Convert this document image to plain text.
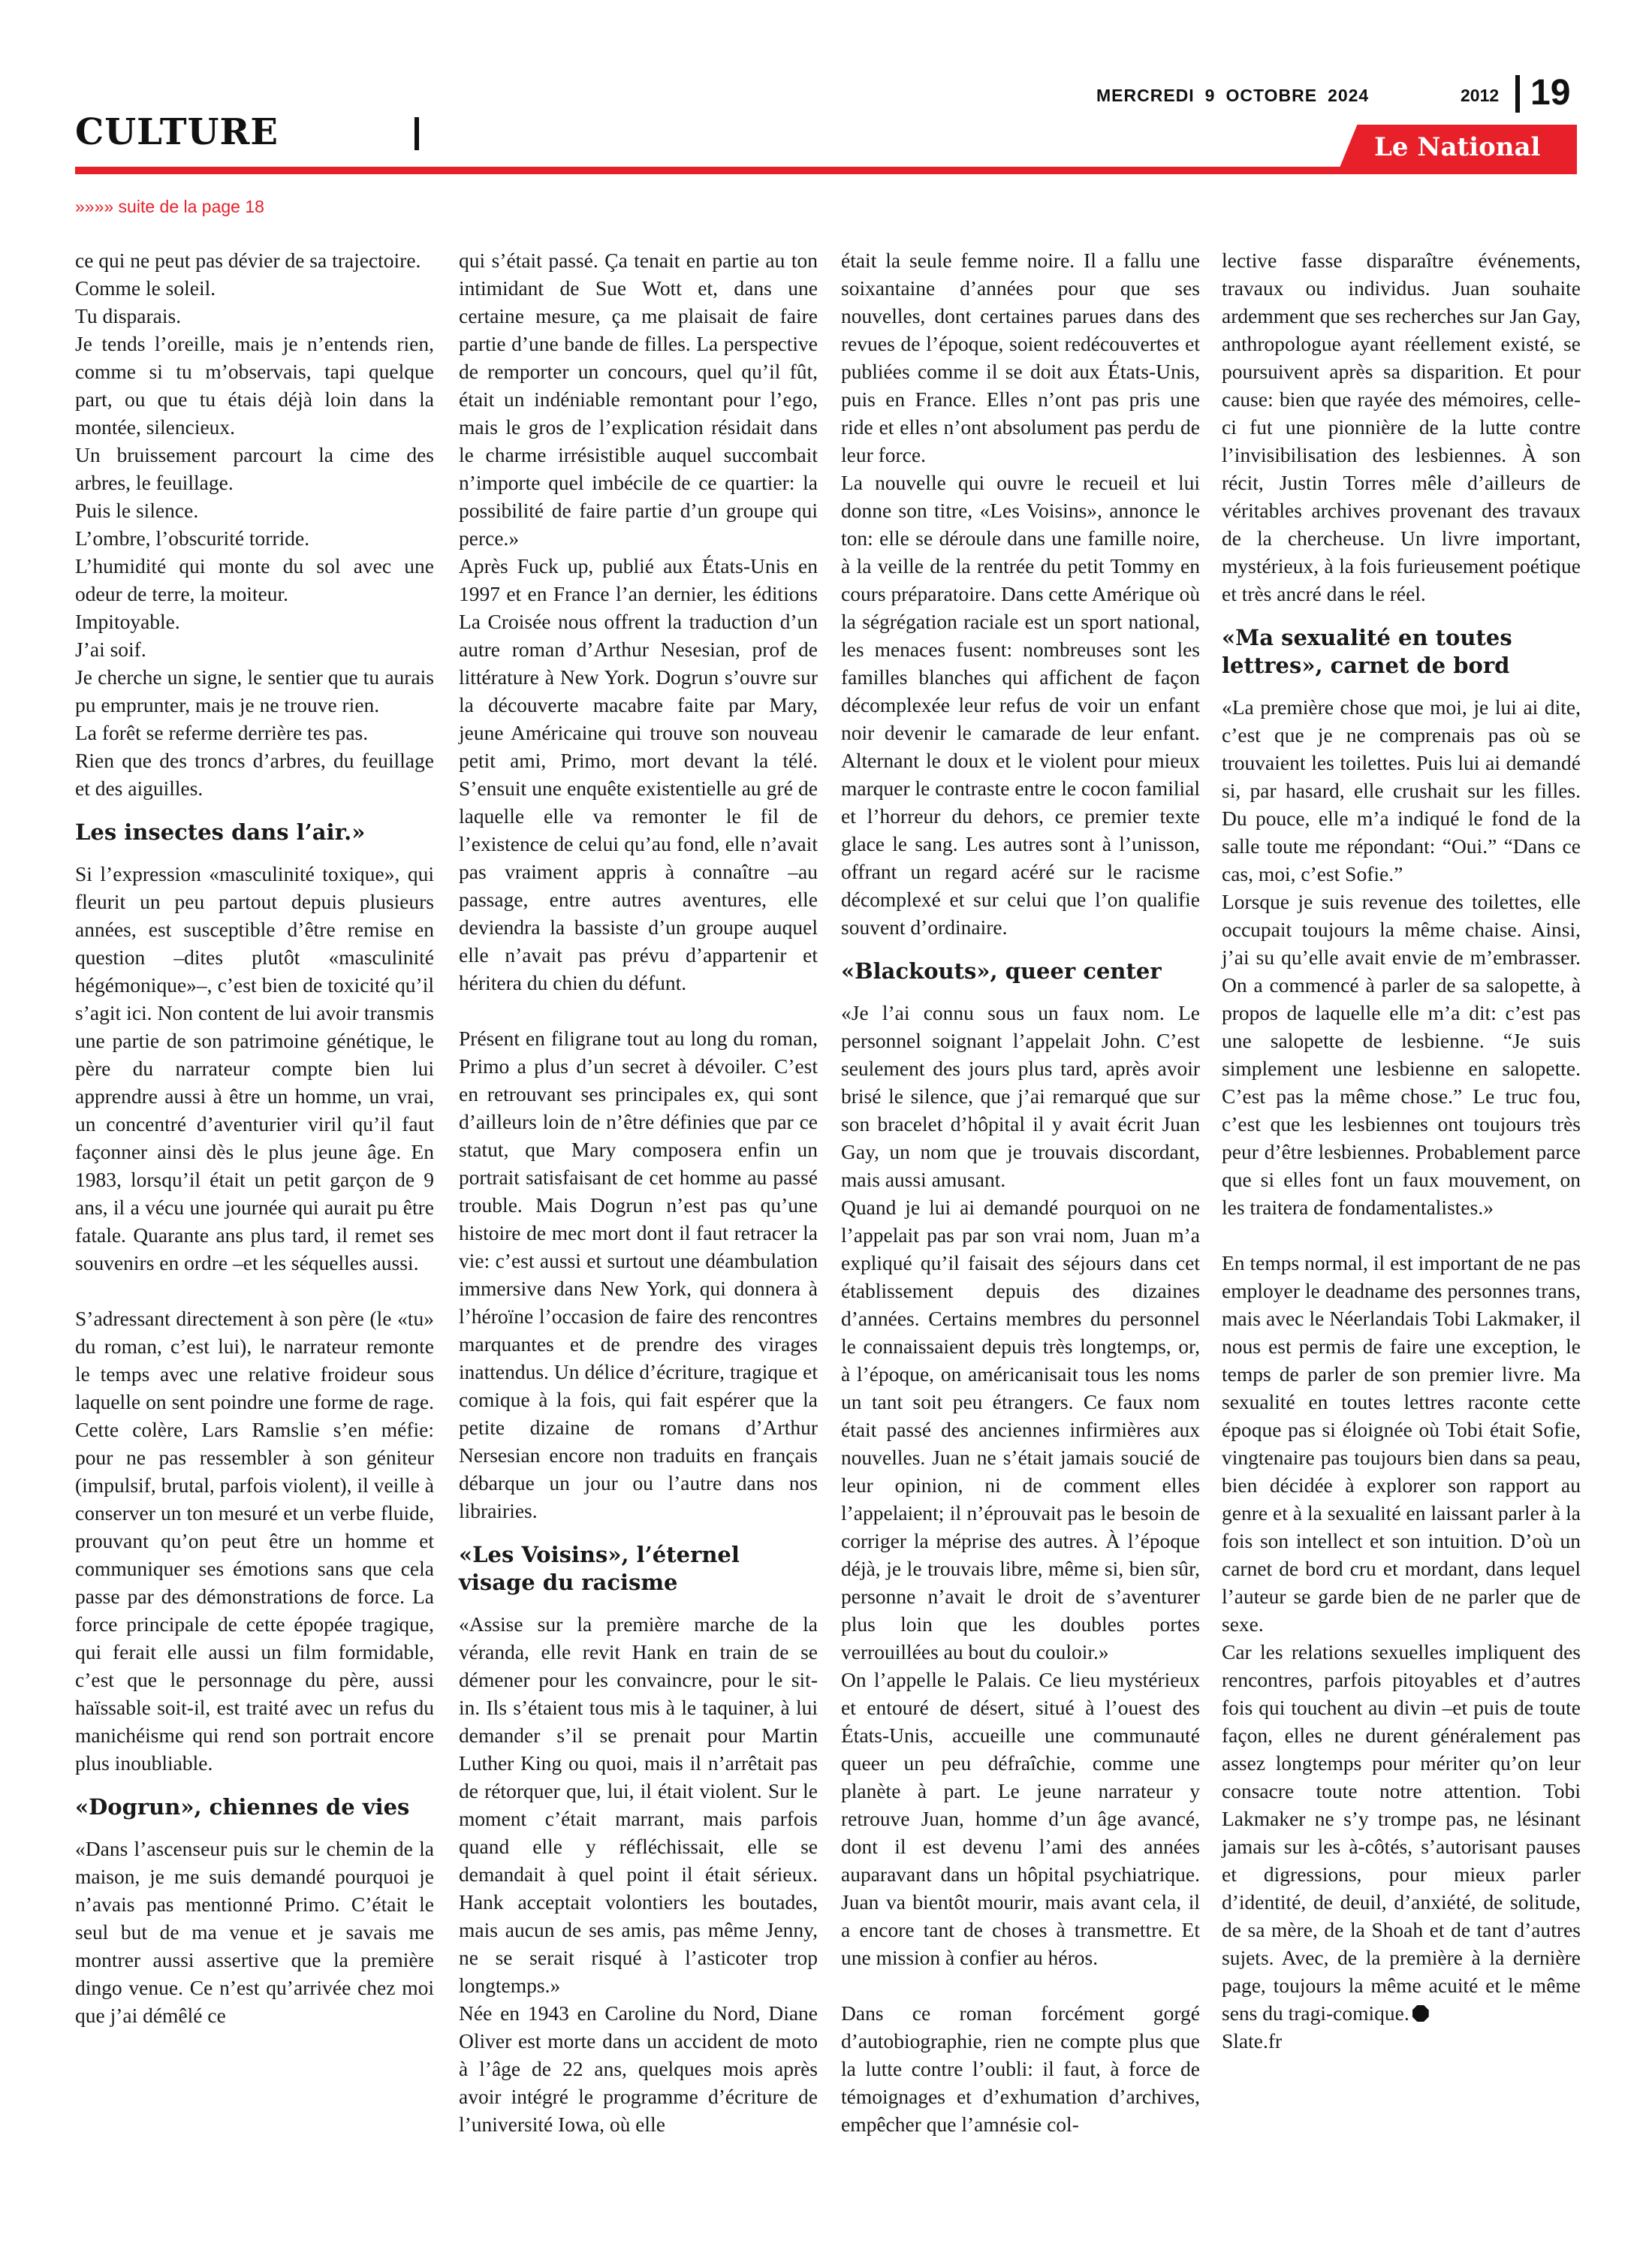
CULTURE
MERCREDI 9 OCTOBRE 2024	2012 19
Le National
»»»» suite de la page 18

ce qui ne peut pas dévier de sa trajectoire.

Comme le soleil.

Tu disparais.

Je tends l’oreille, mais je n’entends rien, comme si tu m’observais, tapi quelque part, ou que tu étais déjà loin dans la montée, silencieux.

Un bruissement parcourt la cime des arbres, le feuillage.

Puis le silence.

L’ombre, l’obscurité torride.

L’humidité qui monte du sol avec une odeur de terre, la moiteur.

Impitoyable.

J’ai soif.

Je cherche un signe, le sentier que tu aurais pu emprunter, mais je ne trouve rien.

La forêt se referme derrière tes pas.

Rien que des troncs d’arbres, du feuillage et des aiguilles.

Les insectes dans l’air.»

Si l’expression «masculinité toxique», qui fleurit un peu partout depuis plusieurs années, est susceptible d’être remise en question –dites plutôt «masculinité hégémonique»–, c’est bien de toxicité qu’il s’agit ici. Non content de lui avoir transmis une partie de son patrimoine génétique, le père du narrateur compte bien lui apprendre aussi à être un homme, un vrai, un concentré d’aventurier viril qu’il faut façonner ainsi dès le plus jeune âge. En 1983, lorsqu’il était un petit garçon de 9 ans, il a vécu une journée qui aurait pu être fatale. Quarante ans plus tard, il remet ses souvenirs en ordre –et les séquelles aussi.

S’adressant directement à son père (le «tu» du roman, c’est lui), le narrateur remonte le temps avec une relative froideur sous laquelle on sent poindre une forme de rage. Cette colère, Lars Ramslie s’en méfie: pour ne pas ressembler à son géniteur (impulsif, brutal, parfois violent), il veille à conserver un ton mesuré et un verbe fluide, prouvant qu’on peut être un homme et communiquer ses émotions sans que cela passe par des démonstrations de force. La force principale de cette épopée tragique, qui ferait elle aussi un film formidable, c’est que le personnage du père, aussi haïssable soit-il, est traité avec un refus du manichéisme qui rend son portrait encore plus inoubliable.

«Dogrun», chiennes de vies

«Dans l’ascenseur puis sur le chemin de la maison, je me suis demandé pourquoi je n’avais pas mentionné Primo. C’était le seul but de ma venue et je savais me montrer aussi assertive que la première dingo venue. Ce n’est qu’arrivée chez moi que j’ai démêlé ce

qui s’était passé. Ça tenait en partie au ton intimidant de Sue Wott et, dans une certaine mesure, ça me plaisait de faire partie d’une bande de filles. La perspective de remporter un concours, quel qu’il fût, était un indéniable remontant pour l’ego, mais le gros de l’explication résidait dans le charme irrésistible auquel succombait n’importe quel imbécile de ce quartier: la possibilité de faire partie d’un groupe qui perce.»

Après Fuck up, publié aux États-Unis en 1997 et en France l’an dernier, les éditions La Croisée nous offrent la traduction d’un autre roman d’Arthur Nesesian, prof de littérature à New York. Dogrun s’ouvre sur la découverte macabre faite par Mary, jeune Américaine qui trouve son nouveau petit ami, Primo, mort devant la télé. S’ensuit une enquête existentielle au gré de laquelle elle va remonter le fil de l’existence de celui qu’au fond, elle n’avait pas vraiment appris à connaître –au passage, entre autres aventures, elle deviendra la bassiste d’un groupe auquel elle n’avait pas prévu d’appartenir et héritera du chien du défunt.

Présent en filigrane tout au long du roman, Primo a plus d’un secret à dévoiler. C’est en retrouvant ses principales ex, qui sont d’ailleurs loin de n’être définies que par ce statut, que Mary composera enfin un portrait satisfaisant de cet homme au passé trouble. Mais Dogrun n’est pas qu’une histoire de mec mort dont il faut retracer la vie: c’est aussi et surtout une déambulation immersive dans New York, qui donnera à l’héroïne l’occasion de faire des rencontres marquantes et de prendre des virages inattendus. Un délice d’écriture, tragique et comique à la fois, qui fait espérer que la petite dizaine de romans d’Arthur Nersesian encore non traduits en français débarque un jour ou l’autre dans nos librairies.

«Les Voisins», l’éternel visage du racisme

«Assise sur la première marche de la véranda, elle revit Hank en train de se démener pour les convaincre, pour le sit-in. Ils s’étaient tous mis à le taquiner, à lui demander s’il se prenait pour Martin Luther King ou quoi, mais il n’arrêtait pas de rétorquer que, lui, il était violent. Sur le moment c’était marrant, mais parfois quand elle y réfléchissait, elle se demandait à quel point il était sérieux. Hank acceptait volontiers les boutades, mais aucun de ses amis, pas même Jenny, ne se serait risqué à l’asticoter trop longtemps.»

Née en 1943 en Caroline du Nord, Diane Oliver est morte dans un accident de moto à l’âge de 22 ans, quelques mois après avoir intégré le programme d’écriture de l’université Iowa, où elle

était la seule femme noire. Il a fallu une soixantaine d’années pour que ses nouvelles, dont certaines parues dans des revues de l’époque, soient redécouvertes et publiées comme il se doit aux États-Unis, puis en France. Elles n’ont pas pris une ride et elles n’ont absolument pas perdu de leur force.

La nouvelle qui ouvre le recueil et lui donne son titre, «Les Voisins», annonce le ton: elle se déroule dans une famille noire, à la veille de la rentrée du petit Tommy en cours préparatoire. Dans cette Amérique où la ségrégation raciale est un sport national, les menaces fusent: nombreuses sont les familles blanches qui affichent de façon décomplexée leur refus de voir un enfant noir devenir le camarade de leur enfant. Alternant le doux et le violent pour mieux marquer le contraste entre le cocon familial et l’horreur du dehors, ce premier texte glace le sang. Les autres sont à l’unisson, offrant un regard acéré sur le racisme décomplexé et sur celui que l’on qualifie souvent d’ordinaire.

«Blackouts», queer center

«Je l’ai connu sous un faux nom. Le personnel soignant l’appelait John. C’est seulement des jours plus tard, après avoir brisé le silence, que j’ai remarqué que sur son bracelet d’hôpital il y avait écrit Juan Gay, un nom que je trouvais discordant, mais aussi amusant.

Quand je lui ai demandé pourquoi on ne l’appelait pas par son vrai nom, Juan m’a expliqué qu’il faisait des séjours dans cet établissement depuis des dizaines d’années. Certains membres du personnel le connaissaient depuis très longtemps, or, à l’époque, on américanisait tous les noms un tant soit peu étrangers. Ce faux nom était passé des anciennes infirmières aux nouvelles. Juan ne s’était jamais soucié de leur opinion, ni de comment elles l’appelaient; il n’éprouvait pas le besoin de corriger la méprise des autres. À l’époque déjà, je le trouvais libre, même si, bien sûr, personne n’avait le droit de s’aventurer plus loin que les doubles portes verrouillées au bout du couloir.»

On l’appelle le Palais. Ce lieu mystérieux et entouré de désert, situé à l’ouest des États-Unis, accueille une communauté queer un peu défraîchie, comme une planète à part. Le jeune narrateur y retrouve Juan, homme d’un âge avancé, dont il est devenu l’ami des années auparavant dans un hôpital psychiatrique. Juan va bientôt mourir, mais avant cela, il a encore tant de choses à transmettre. Et une mission à confier au héros.

Dans ce roman forcément gorgé d’autobiographie, rien ne compte plus que la lutte contre l’oubli: il faut, à force de témoignages et d’exhumation d’archives, empêcher que l’amnésie col-

lective fasse disparaître événements, travaux ou individus. Juan souhaite ardemment que ses recherches sur Jan Gay, anthropologue ayant réellement existé, se poursuivent après sa disparition. Et pour cause: bien que rayée des mémoires, celle-ci fut une pionnière de la lutte contre l’invisibilisation des lesbiennes. À son récit, Justin Torres mêle d’ailleurs de véritables archives provenant des travaux de la chercheuse. Un livre important, mystérieux, à la fois furieusement poétique et très ancré dans le réel.

«Ma sexualité en toutes lettres», carnet de bord

«La première chose que moi, je lui ai dite, c’est que je ne comprenais pas où se trouvaient les toilettes. Puis lui ai demandé si, par hasard, elle crushait sur les filles. Du pouce, elle m’a indiqué le fond de la salle toute me répondant: “Oui.” “Dans ce cas, moi, c’est Sofie.”

Lorsque je suis revenue des toilettes, elle occupait toujours la même chaise. Ainsi, j’ai su qu’elle avait envie de m’embrasser. On a commencé à parler de sa salopette, à propos de laquelle elle m’a dit: c’est pas une salopette de lesbienne. “Je suis simplement une lesbienne en salopette. C’est pas la même chose.” Le truc fou, c’est que les lesbiennes ont toujours très peur d’être lesbiennes. Probablement parce que si elles font un faux mouvement, on les traitera de fondamentalistes.»

En temps normal, il est important de ne pas employer le deadname des personnes trans, mais avec le Néerlandais Tobi Lakmaker, il nous est permis de faire une exception, le temps de parler de son premier livre. Ma sexualité en toutes lettres raconte cette époque pas si éloignée où Tobi était Sofie, vingtenaire pas toujours bien dans sa peau, bien décidée à explorer son rapport au genre et à la sexualité en laissant parler à la fois son intellect et son intuition. D’où un carnet de bord cru et mordant, dans lequel l’auteur se garde bien de ne parler que de sexe.

Car les relations sexuelles impliquent des rencontres, parfois pitoyables et d’autres fois qui touchent au divin –et puis de toute façon, elles ne durent généralement pas assez longtemps pour mériter qu’on leur consacre toute notre attention. Tobi Lakmaker ne s’y trompe pas, ne lésinant jamais sur les à-côtés, s’autorisant pauses et digressions, pour mieux parler d’identité, de deuil, d’anxiété, de solitude, de sa mère, de la Shoah et de tant d’autres sujets. Avec, de la première à la dernière page, toujours la même acuité et le même sens du tragi-comique.

Slate.fr
